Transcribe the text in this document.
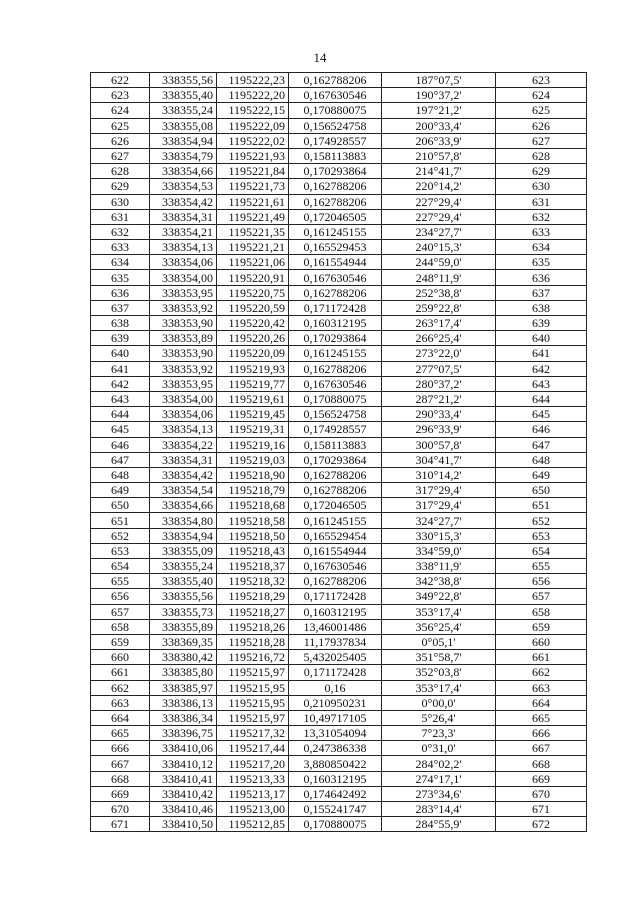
14
622	338355,56	1195222,23	0,162788206	187°07,5'	623
623	338355,40	1195222,20	0,167630546	190°37,2'	624
624	338355,24	1195222,15	0,170880075	197°21,2'	625
625	338355,08	1195222,09	0,156524758	200°33,4'	626
626	338354,94	1195222,02	0,174928557	206°33,9'	627
627	338354,79	1195221,93	0,158113883	210°57,8'	628
628	338354,66	1195221,84	0,170293864	214°41,7'	629
629	338354,53	1195221,73	0,162788206	220°14,2'	630
630	338354,42	1195221,61	0,162788206	227°29,4'	631
631	338354,31	1195221,49	0,172046505	227°29,4'	632
632	338354,21	1195221,35	0,161245155	234°27,7'	633
633	338354,13	1195221,21	0,165529453	240°15,3'	634
634	338354,06	1195221,06	0,161554944	244°59,0'	635
635	338354,00	1195220,91	0,167630546	248°11,9'	636
636	338353,95	1195220,75	0,162788206	252°38,8'	637
637	338353,92	1195220,59	0,171172428	259°22,8'	638
638	338353,90	1195220,42	0,160312195	263°17,4'	639
639	338353,89	1195220,26	0,170293864	266°25,4'	640
640	338353,90	1195220,09	0,161245155	273°22,0'	641
641	338353,92	1195219,93	0,162788206	277°07,5'	642
642	338353,95	1195219,77	0,167630546	280°37,2'	643
643	338354,00	1195219,61	0,170880075	287°21,2'	644
644	338354,06	1195219,45	0,156524758	290°33,4'	645
645	338354,13	1195219,31	0,174928557	296°33,9'	646
646	338354,22	1195219,16	0,158113883	300°57,8'	647
647	338354,31	1195219,03	0,170293864	304°41,7'	648
648	338354,42	1195218,90	0,162788206	310°14,2'	649
649	338354,54	1195218,79	0,162788206	317°29,4'	650
650	338354,66	1195218,68	0,172046505	317°29,4'	651
651	338354,80	1195218,58	0,161245155	324°27,7'	652
652	338354,94	1195218,50	0,165529454	330°15,3'	653
653	338355,09	1195218,43	0,161554944	334°59,0'	654
654	338355,24	1195218,37	0,167630546	338°11,9'	655
655	338355,40	1195218,32	0,162788206	342°38,8'	656
656	338355,56	1195218,29	0,171172428	349°22,8'	657
657	338355,73	1195218,27	0,160312195	353°17,4'	658
658	338355,89	1195218,26	13,46001486	356°25,4'	659
659	338369,35	1195218,28	11,17937834	0°05,1'	660
660	338380,42	1195216,72	5,432025405	351°58,7'	661
661	338385,80	1195215,97	0,171172428	352°03,8'	662
662	338385,97	1195215,95	0,16	353°17,4'	663
663	338386,13	1195215,95	0,210950231	0°00,0'	664
664	338386,34	1195215,97	10,49717105	5°26,4'	665
665	338396,75	1195217,32	13,31054094	7°23,3'	666
666	338410,06	1195217,44	0,247386338	0°31,0'	667
667	338410,12	1195217,20	3,880850422	284°02,2'	668
668	338410,41	1195213,33	0,160312195	274°17,1'	669
669	338410,42	1195213,17	0,174642492	273°34,6'	670
670	338410,46	1195213,00	0,155241747	283°14,4'	671
671	338410,50	1195212,85	0,170880075	284°55,9'	672
